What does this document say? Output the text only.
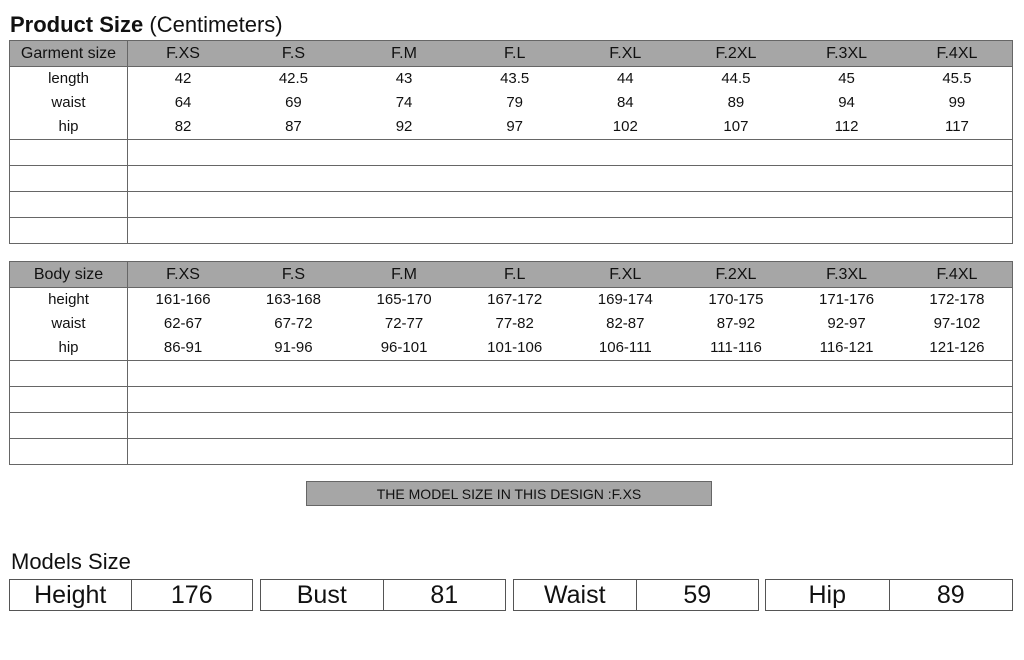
Product Size (Centimeters)
Garment size	F.XS	F.S	F.M	F.L	F.XL	F.2XL	F.3XL	F.4XL
length	42	42.5	43	43.5	44	44.5	45	45.5
waist	64	69	74	79	84	89	94	99
hip	82	87	92	97	102	107	112	117

Body size	F.XS	F.S	F.M	F.L	F.XL	F.2XL	F.3XL	F.4XL
height	161-166	163-168	165-170	167-172	169-174	170-175	171-176	172-178
waist	62-67	67-72	72-77	77-82	82-87	87-92	92-97	97-102
hip	86-91	91-96	96-101	101-106	106-111	111-116	116-121	121-126

THE MODEL SIZE IN THIS DESIGN :F.XS
Models Size
Height	176	Bust	81	Waist	59	Hip	89
